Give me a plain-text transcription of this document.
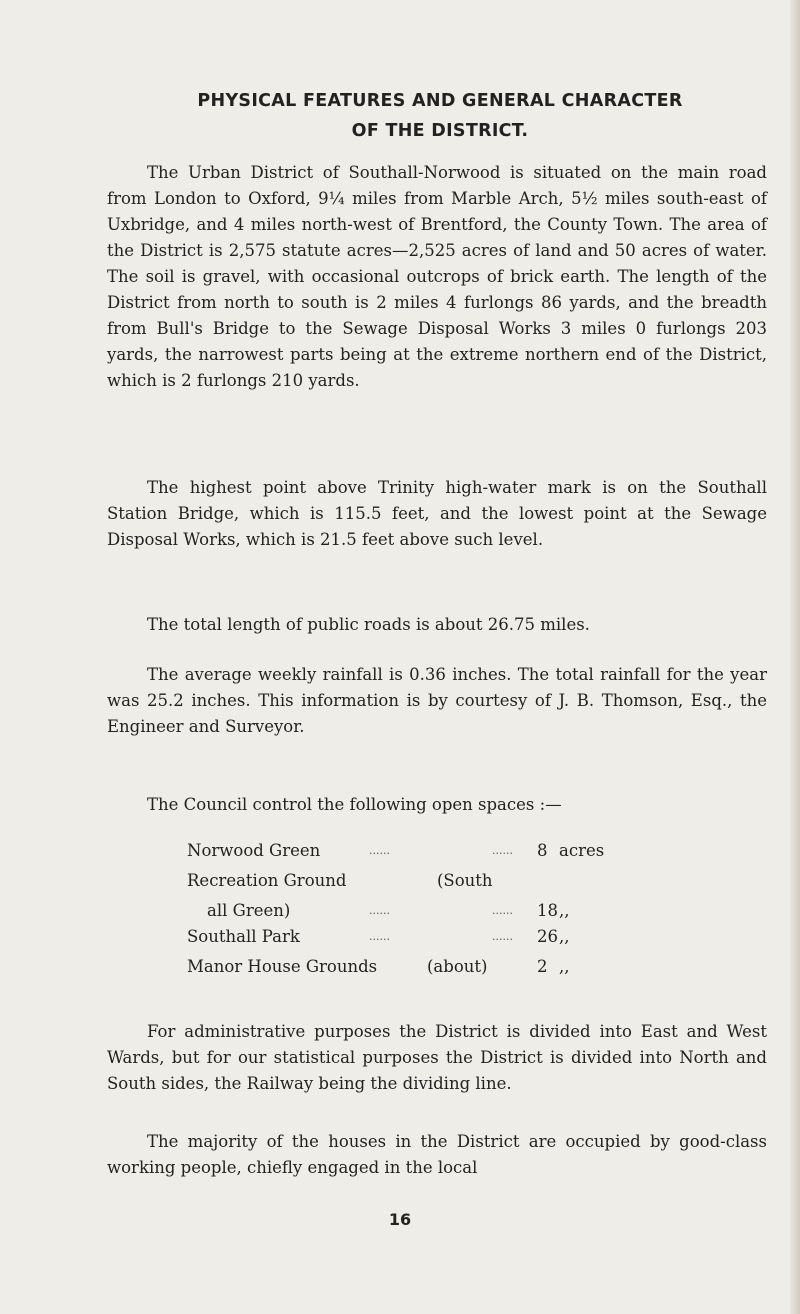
PHYSICAL FEATURES AND GENERAL CHARACTER
OF THE DISTRICT.

The Urban District of Southall-Norwood is situated on the main road from London to Oxford, 9¼ miles from Marble Arch, 5½ miles south-east of Uxbridge, and 4 miles north-west of Brentford, the County Town. The area of the District is 2,575 statute acres—2,525 acres of land and 50 acres of water. The soil is gravel, with occasional outcrops of brick earth. The length of the District from north to south is 2 miles 4 furlongs 86 yards, and the breadth from Bull's Bridge to the Sewage Disposal Works 3 miles 0 furlongs 203 yards, the narrowest parts being at the extreme northern end of the District, which is 2 furlongs 210 yards.

The highest point above Trinity high-water mark is on the Southall Station Bridge, which is 115.5 feet, and the lowest point at the Sewage Disposal Works, which is 21.5 feet above such level.

The total length of public roads is about 26.75 miles.

The average weekly rainfall is 0.36 inches. The total rainfall for the year was 25.2 inches. This information is by courtesy of J. B. Thomson, Esq., the Engineer and Surveyor.

The Council control the following open spaces :—

Norwood Green	......	...... 8 acres
Recreation Ground	(South
all Green)	......	...... 18 ,,
Southall Park	......	...... 26 ,,
Manor House Grounds	(about)	2 ,,

For administrative purposes the District is divided into East and West Wards, but for our statistical purposes the District is divided into North and South sides, the Railway being the dividing line.

The majority of the houses in the District are occupied by good-class working people, chiefly engaged in the local

16
